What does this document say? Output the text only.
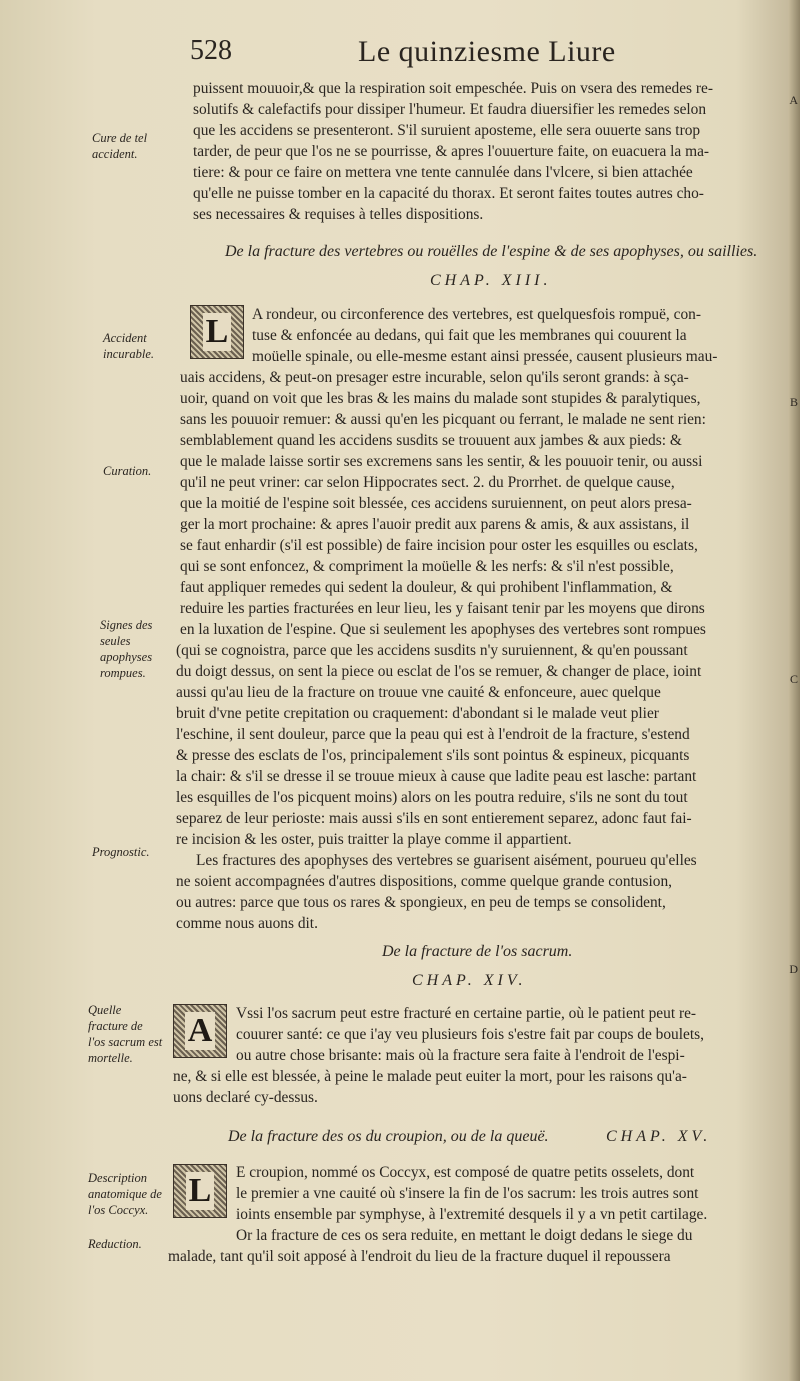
528	Le quinziesme Liure
A
B
C
D
Cure de tel accident.
Accident incurable.
Curation.
Signes des seules apophyses rompues.
Prognostic.
Quelle fracture de l'os sacrum est mortelle.
Description anatomique de l'os Coccyx.
Reduction.
puissent mouuoir,& que la respiration soit empeschée. Puis on vsera des remedes re-
solutifs & calefactifs pour dissiper l'humeur. Et faudra diuersifier les remedes selon
que les accidens se presenteront. S'il suruient aposteme, elle sera ouuerte sans trop
tarder, de peur que l'os ne se pourrisse, & apres l'ouuerture faite, on euacuera la ma-
tiere: & pour ce faire on mettera vne tente cannulée dans l'vlcere, si bien attachée
qu'elle ne puisse tomber en la capacité du thorax. Et seront faites toutes autres cho-
ses necessaires & requises à telles dispositions.
De la fracture des vertebres ou rouëlles de l'espine & de ses apophyses, ou saillies.
CHAP. XIII.
L A rondeur, ou circonference des vertebres, est quelquesfois rompuë, con-
tuse & enfoncée au dedans, qui fait que les membranes qui couurent la
moüelle spinale, ou elle-mesme estant ainsi pressée, causent plusieurs mau-
uais accidens, & peut-on presager estre incurable, selon qu'ils seront grands: à sça-
uoir, quand on voit que les bras & les mains du malade sont stupides & paralytiques,
sans les pouuoir remuer: & aussi qu'en les picquant ou ferrant, le malade ne sent rien:
semblablement quand les accidens susdits se trouuent aux jambes & aux pieds: &
que le malade laisse sortir ses excremens sans les sentir, & les pouuoir tenir, ou aussi
qu'il ne peut vriner: car selon Hippocrates sect. 2. du Prorrhet. de quelque cause,
que la moitié de l'espine soit blessée, ces accidens suruiennent, on peut alors presa-
ger la mort prochaine: & apres l'auoir predit aux parens & amis, & aux assistans, il
se faut enhardir (s'il est possible) de faire incision pour oster les esquilles ou esclats,
qui se sont enfoncez, & compriment la moüelle & les nerfs: & s'il n'est possible,
faut appliquer remedes qui sedent la douleur, & qui prohibent l'inflammation, &
reduire les parties fracturées en leur lieu, les y faisant tenir par les moyens que dirons
en la luxation de l'espine. Que si seulement les apophyses des vertebres sont rompues
(qui se cognoistra, parce que les accidens susdits n'y suruiennent, & qu'en poussant
du doigt dessus, on sent la piece ou esclat de l'os se remuer, & changer de place, ioint
aussi qu'au lieu de la fracture on trouue vne cauité & enfonceure, auec quelque
bruit d'vne petite crepitation ou craquement: d'abondant si le malade veut plier
l'eschine, il sent douleur, parce que la peau qui est à l'endroit de la fracture, s'estend
& presse des esclats de l'os, principalement s'ils sont pointus & espineux, picquants
la chair: & s'il se dresse il se trouue mieux à cause que ladite peau est lasche: partant
les esquilles de l'os picquent moins) alors on les poutra reduire, s'ils ne sont du tout
separez de leur perioste: mais aussi s'ils en sont entierement separez, adonc faut fai-
re incision & les oster, puis traitter la playe comme il appartient.
Les fractures des apophyses des vertebres se guarisent aisément, pourueu qu'elles
ne soient accompagnées d'autres dispositions, comme quelque grande contusion,
ou autres: parce que tous os rares & spongieux, en peu de temps se consolident,
comme nous auons dit.
De la fracture de l'os sacrum.
CHAP. XIV.
A Vssi l'os sacrum peut estre fracturé en certaine partie, où le patient peut re-
couurer santé: ce que i'ay veu plusieurs fois s'estre fait par coups de boulets,
ou autre chose brisante: mais où la fracture sera faite à l'endroit de l'espi-
ne, & si elle est blessée, à peine le malade peut euiter la mort, pour les raisons qu'a-
uons declaré cy-dessus.
De la fracture des os du croupion, ou de la queuë.	CHAP. XV.
L E croupion, nommé os Coccyx, est composé de quatre petits osselets, dont
le premier a vne cauité où s'insere la fin de l'os sacrum: les trois autres sont
ioints ensemble par symphyse, à l'extremité desquels il y a vn petit cartilage.
Or la fracture de ces os sera reduite, en mettant le doigt dedans le siege du
malade, tant qu'il soit apposé à l'endroit du lieu de la fracture duquel il repoussera
